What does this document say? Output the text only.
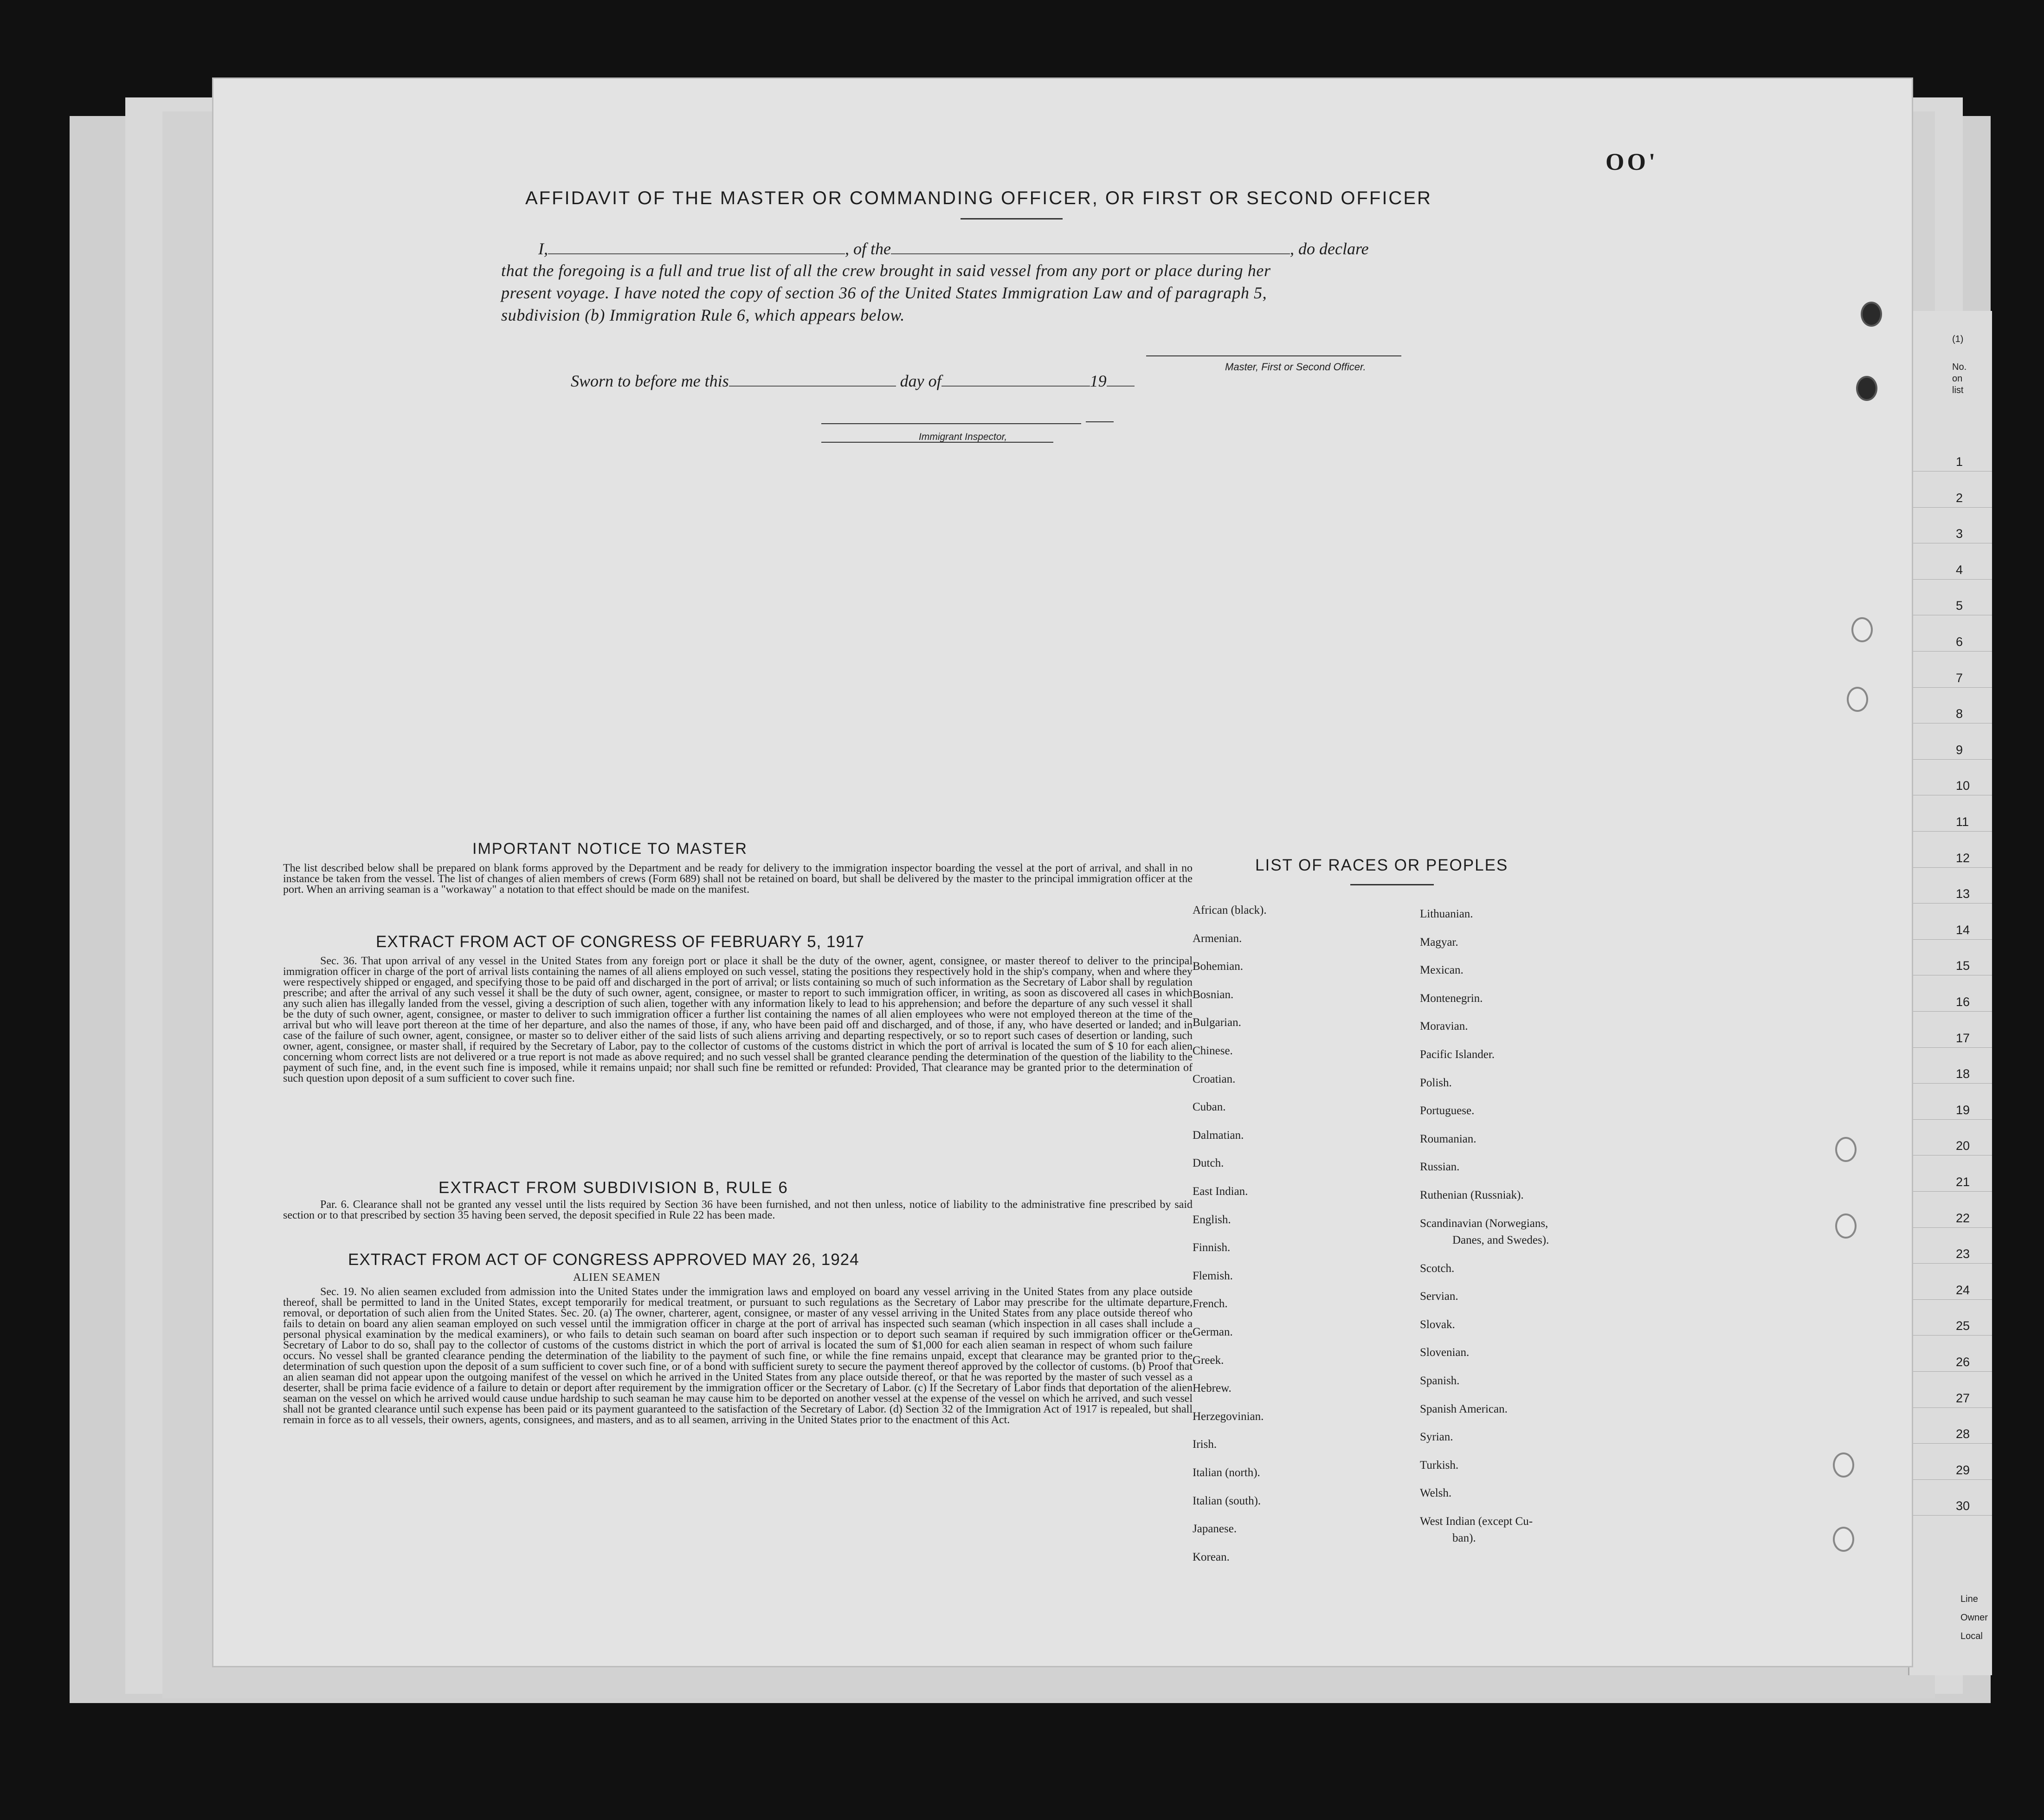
(1)
No.
on
list
Line
Owner
Local
1
2
3
4
5
6
7
8
9
10
11
12
13
14
15
16
17
18
19
20
21
22
23
24
25
26
27
28
29
30
OO'
AFFIDAVIT OF THE MASTER OR COMMANDING OFFICER, OR FIRST OR SECOND OFFICER
I,	, of the	, do declare
that the foregoing is a full and true list of all the crew brought in said vessel from any port or place during her
present voyage. I have noted the copy of section 36 of the United States Immigration Law and of paragraph 5,
subdivision (b) Immigration Rule 6, which appears below.
Master, First or Second Officer.
Sworn to before me this	day of	19
Immigrant Inspector,
IMPORTANT NOTICE TO MASTER
The list described below shall be prepared on blank forms approved by the Department and be ready for delivery to the immigration inspector boarding the vessel at the port of arrival, and shall in no instance be taken from the vessel. The list of changes of alien members of crews (Form 689) shall not be retained on board, but shall be delivered by the master to the principal immigration officer at the port. When an arriving seaman is a "workaway" a notation to that effect should be made on the manifest.
EXTRACT FROM ACT OF CONGRESS OF FEBRUARY 5, 1917
Sec. 36. That upon arrival of any vessel in the United States from any foreign port or place it shall be the duty of the owner, agent, consignee, or master thereof to deliver to the principal immigration officer in charge of the port of arrival lists containing the names of all aliens employed on such vessel, stating the positions they respectively hold in the ship's company, when and where they were respectively shipped or engaged, and specifying those to be paid off and discharged in the port of arrival; or lists containing so much of such information as the Secretary of Labor shall by regulation prescribe; and after the arrival of any such vessel it shall be the duty of such owner, agent, consignee, or master to report to such immigration officer, in writing, as soon as discovered all cases in which any such alien has illegally landed from the vessel, giving a description of such alien, together with any information likely to lead to his apprehension; and before the departure of any such vessel it shall be the duty of such owner, agent, consignee, or master to deliver to such immigration officer a further list containing the names of all alien employees who were not employed thereon at the time of the arrival but who will leave port thereon at the time of her departure, and also the names of those, if any, who have been paid off and discharged, and of those, if any, who have deserted or landed; and in case of the failure of such owner, agent, consignee, or master so to deliver either of the said lists of such aliens arriving and departing respectively, or so to report such cases of desertion or landing, such owner, agent, consignee, or master shall, if required by the Secretary of Labor, pay to the collector of customs of the customs district in which the port of arrival is located the sum of $ 10 for each alien concerning whom correct lists are not delivered or a true report is not made as above required; and no such vessel shall be granted clearance pending the determination of the question of the liability to the payment of such fine, and, in the event such fine is imposed, while it remains unpaid; nor shall such fine be remitted or refunded: Provided, That clearance may be granted prior to the determination of such question upon deposit of a sum sufficient to cover such fine.
EXTRACT FROM SUBDIVISION B, RULE 6
Par. 6. Clearance shall not be granted any vessel until the lists required by Section 36 have been furnished, and not then unless, notice of liability to the administrative fine prescribed by said section or to that prescribed by section 35 having been served, the deposit specified in Rule 22 has been made.
EXTRACT FROM ACT OF CONGRESS APPROVED MAY 26, 1924
ALIEN SEAMEN
Sec. 19. No alien seamen excluded from admission into the United States under the immigration laws and employed on board any vessel arriving in the United States from any place outside thereof, shall be permitted to land in the United States, except temporarily for medical treatment, or pursuant to such regulations as the Secretary of Labor may prescribe for the ultimate departure, removal, or deportation of such alien from the United States. Sec. 20. (a) The owner, charterer, agent, consignee, or master of any vessel arriving in the United States from any place outside thereof who fails to detain on board any alien seaman employed on such vessel until the immigration officer in charge at the port of arrival has inspected such seaman (which inspection in all cases shall include a personal physical examination by the medical examiners), or who fails to detain such seaman on board after such inspection or to deport such seaman if required by such immigration officer or the Secretary of Labor to do so, shall pay to the collector of customs of the customs district in which the port of arrival is located the sum of $1,000 for each alien seaman in respect of whom such failure occurs. No vessel shall be granted clearance pending the determination of the liability to the payment of such fine, or while the fine remains unpaid, except that clearance may be granted prior to the determination of such question upon the deposit of a sum sufficient to cover such fine, or of a bond with sufficient surety to secure the payment thereof approved by the collector of customs. (b) Proof that an alien seaman did not appear upon the outgoing manifest of the vessel on which he arrived in the United States from any place outside thereof, or that he was reported by the master of such vessel as a deserter, shall be prima facie evidence of a failure to detain or deport after requirement by the immigration officer or the Secretary of Labor. (c) If the Secretary of Labor finds that deportation of the alien seaman on the vessel on which he arrived would cause undue hardship to such seaman he may cause him to be deported on another vessel at the expense of the vessel on which he arrived, and such vessel shall not be granted clearance until such expense has been paid or its payment guaranteed to the satisfaction of the Secretary of Labor. (d) Section 32 of the Immigration Act of 1917 is repealed, but shall remain in force as to all vessels, their owners, agents, consignees, and masters, and as to all seamen, arriving in the United States prior to the enactment of this Act.
LIST OF RACES OR PEOPLES
African (black).
Armenian.
Bohemian.
Bosnian.
Bulgarian.
Chinese.
Croatian.
Cuban.
Dalmatian.
Dutch.
East Indian.
English.
Finnish.
Flemish.
French.
German.
Greek.
Hebrew.
Herzegovinian.
Irish.
Italian (north).
Italian (south).
Japanese.
Korean.
Lithuanian.
Magyar.
Mexican.
Montenegrin.
Moravian.
Pacific Islander.
Polish.
Portuguese.
Roumanian.
Russian.
Ruthenian (Russniak).
Scandinavian (Norwegians,
Danes, and Swedes).
Scotch.
Servian.
Slovak.
Slovenian.
Spanish.
Spanish American.
Syrian.
Turkish.
Welsh.
West Indian (except Cu-
ban).
